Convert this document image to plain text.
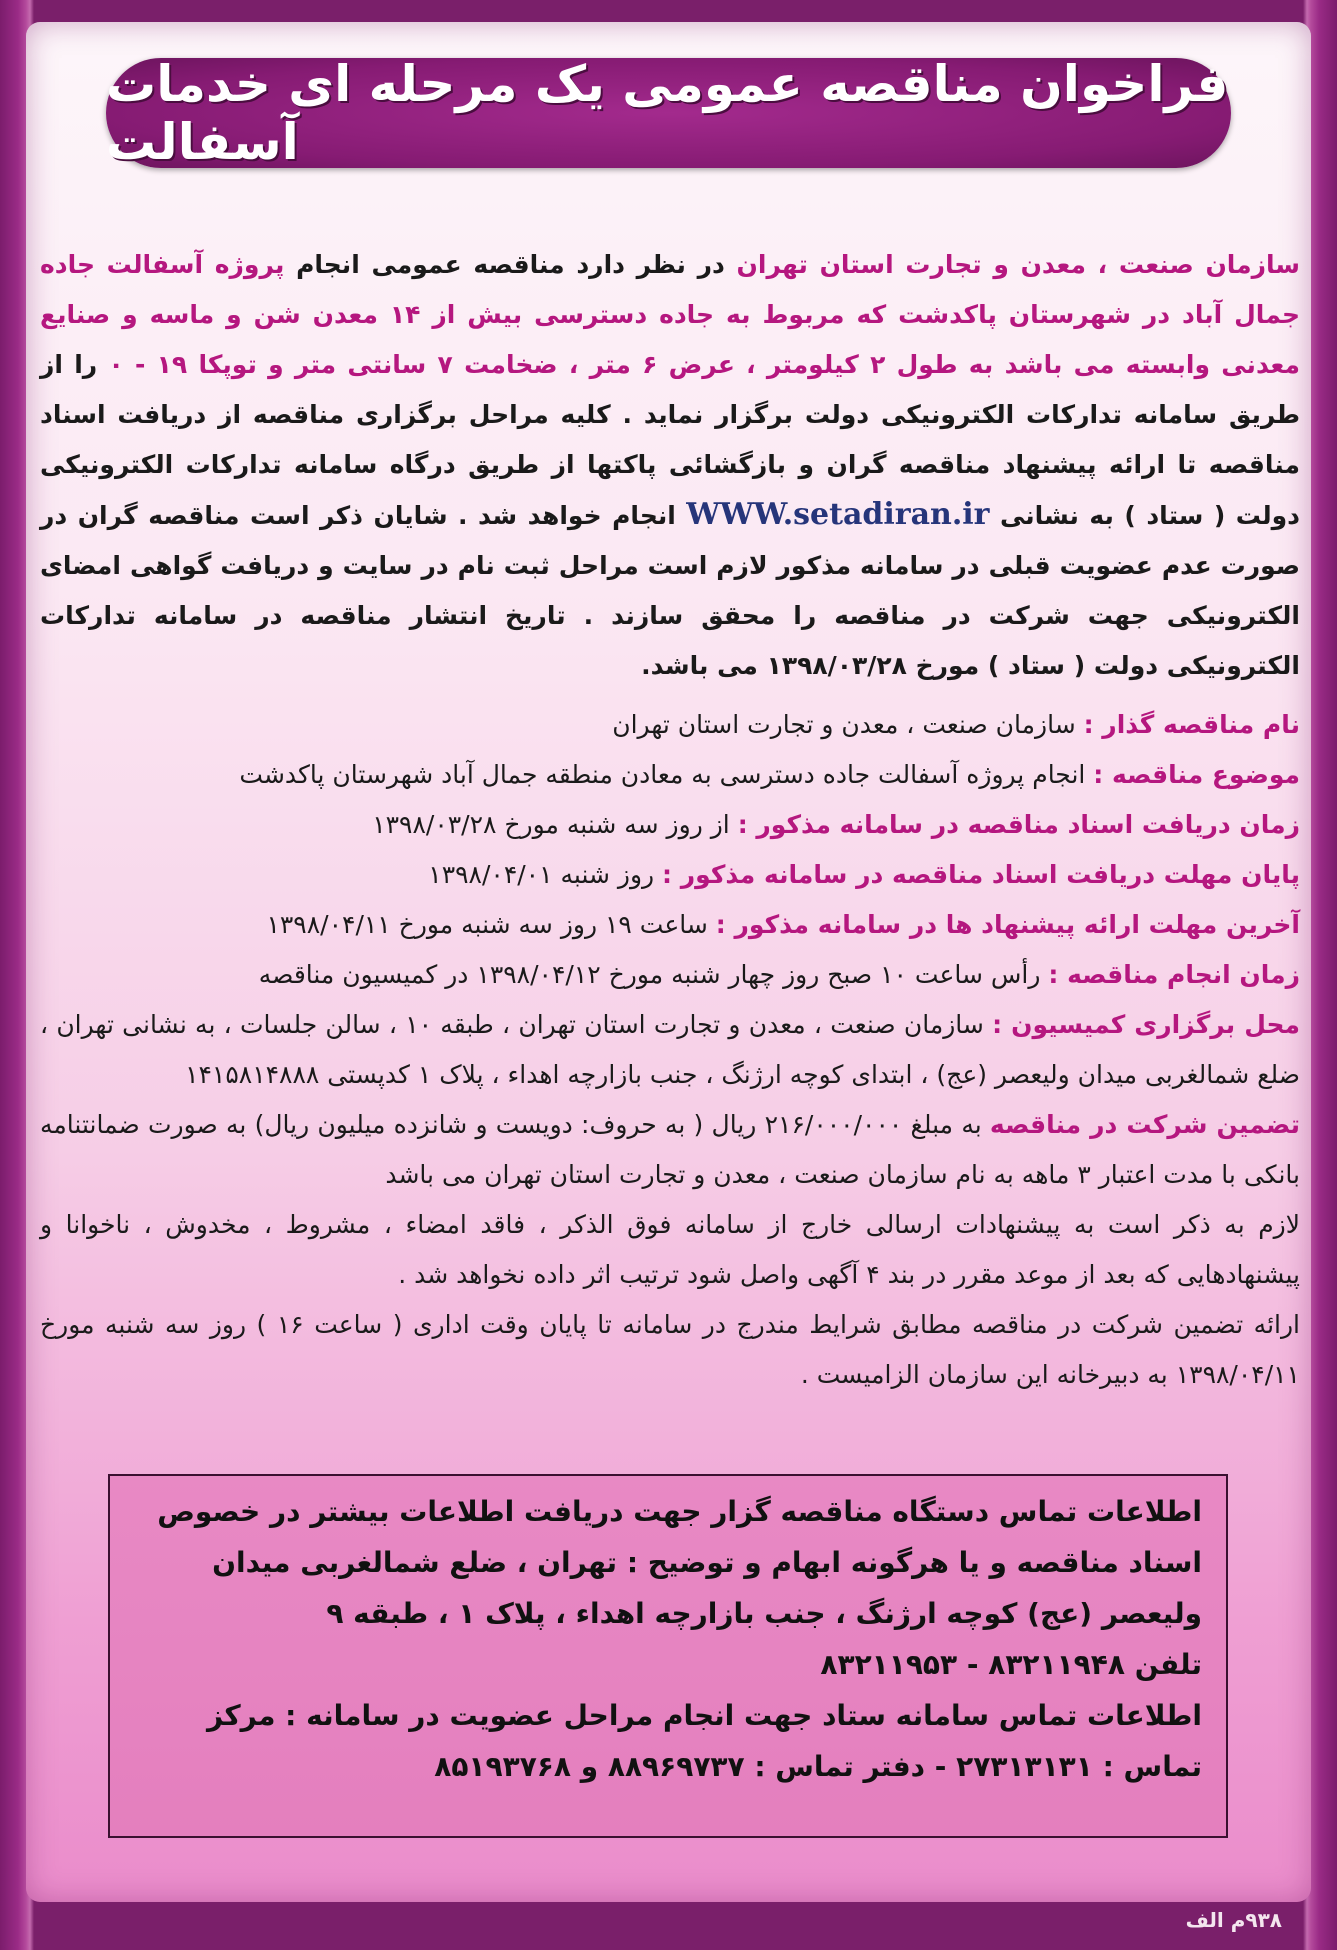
فراخوان مناقصه عمومی یک مرحله ای خدمات آسفالت
سازمان صنعت ، معدن و تجارت استان تهران در نظر دارد مناقصه عمومی انجام پروژه آسفالت جاده جمال آباد در شهرستان پاکدشت که مربوط به جاده دسترسی بیش از ۱۴ معدن شن و ماسه و صنایع معدنی وابسته می باشد به طول ۲ کیلومتر ، عرض ۶ متر ، ضخامت ۷ سانتی متر و توپکا ۱۹ - ۰ را از طریق سامانه تدارکات الکترونیکی دولت برگزار نماید . کلیه مراحل برگزاری مناقصه از دریافت اسناد مناقصه تا ارائه پیشنهاد مناقصه گران و بازگشائی پاکتها از طریق درگاه سامانه تدارکات الکترونیکی دولت ( ستاد ) به نشانی WWW.setadiran.ir انجام خواهد شد . شایان ذکر است مناقصه گران در صورت عدم عضویت قبلی در سامانه مذکور لازم است مراحل ثبت نام در سایت و دریافت گواهی امضای الکترونیکی جهت شرکت در مناقصه را محقق سازند . تاریخ انتشار مناقصه در سامانه تدارکات الکترونیکی دولت ( ستاد ) مورخ ۱۳۹۸/۰۳/۲۸ می باشد.

نام مناقصه گذار : سازمان صنعت ، معدن و تجارت استان تهران

موضوع مناقصه : انجام پروژه آسفالت جاده دسترسی به معادن منطقه جمال آباد شهرستان پاکدشت

زمان دریافت اسناد مناقصه در سامانه مذکور : از روز سه شنبه مورخ ۱۳۹۸/۰۳/۲۸

پایان مهلت دریافت اسناد مناقصه در سامانه مذکور : روز شنبه ۱۳۹۸/۰۴/۰۱

آخرین مهلت ارائه پیشنهاد ها در سامانه مذکور : ساعت ۱۹ روز سه شنبه مورخ ۱۳۹۸/۰۴/۱۱

زمان انجام مناقصه : رأس ساعت ۱۰ صبح روز چهار شنبه مورخ ۱۳۹۸/۰۴/۱۲ در کمیسیون مناقصه

محل برگزاری کمیسیون : سازمان صنعت ، معدن و تجارت استان تهران ، طبقه ۱۰ ، سالن جلسات ، به نشانی تهران ، ضلع شمالغربی میدان ولیعصر (عج) ، ابتدای کوچه ارژنگ ، جنب بازارچه اهداء ، پلاک ۱ کدپستی ۱۴۱۵۸۱۴۸۸۸

تضمین شرکت در مناقصه به مبلغ ۲۱۶/۰۰۰/۰۰۰ ریال ( به حروف: دویست و شانزده میلیون ریال) به صورت ضمانتنامه بانکی با مدت اعتبار ۳ ماهه به نام سازمان صنعت ، معدن و تجارت استان تهران می باشد

لازم به ذکر است به پیشنهادات ارسالی خارج از سامانه فوق الذکر ، فاقد امضاء ، مشروط ، مخدوش ، ناخوانا و پیشنهادهایی که بعد از موعد مقرر در بند ۴ آگهی واصل شود ترتیب اثر داده نخواهد شد .

ارائه تضمین شرکت در مناقصه مطابق شرایط مندرج در سامانه تا پایان وقت اداری ( ساعت ۱۶ ) روز سه شنبه مورخ ۱۳۹۸/۰۴/۱۱ به دبیرخانه این سازمان الزامیست .

اطلاعات تماس دستگاه مناقصه گزار جهت دریافت اطلاعات بیشتر در خصوص اسناد مناقصه و یا هرگونه ابهام و توضیح : تهران ، ضلع شمالغربی میدان ولیعصر (عج) کوچه ارژنگ ، جنب بازارچه اهداء ، پلاک ۱ ، طبقه ۹

تلفن ۸۳۲۱۱۹۴۸ - ۸۳۲۱۱۹۵۳

اطلاعات تماس سامانه ستاد جهت انجام مراحل عضویت در سامانه : مرکز تماس : ۲۷۳۱۳۱۳۱ - دفتر تماس : ۸۸۹۶۹۷۳۷ و ۸۵۱۹۳۷۶۸

۹۳۸م الف
